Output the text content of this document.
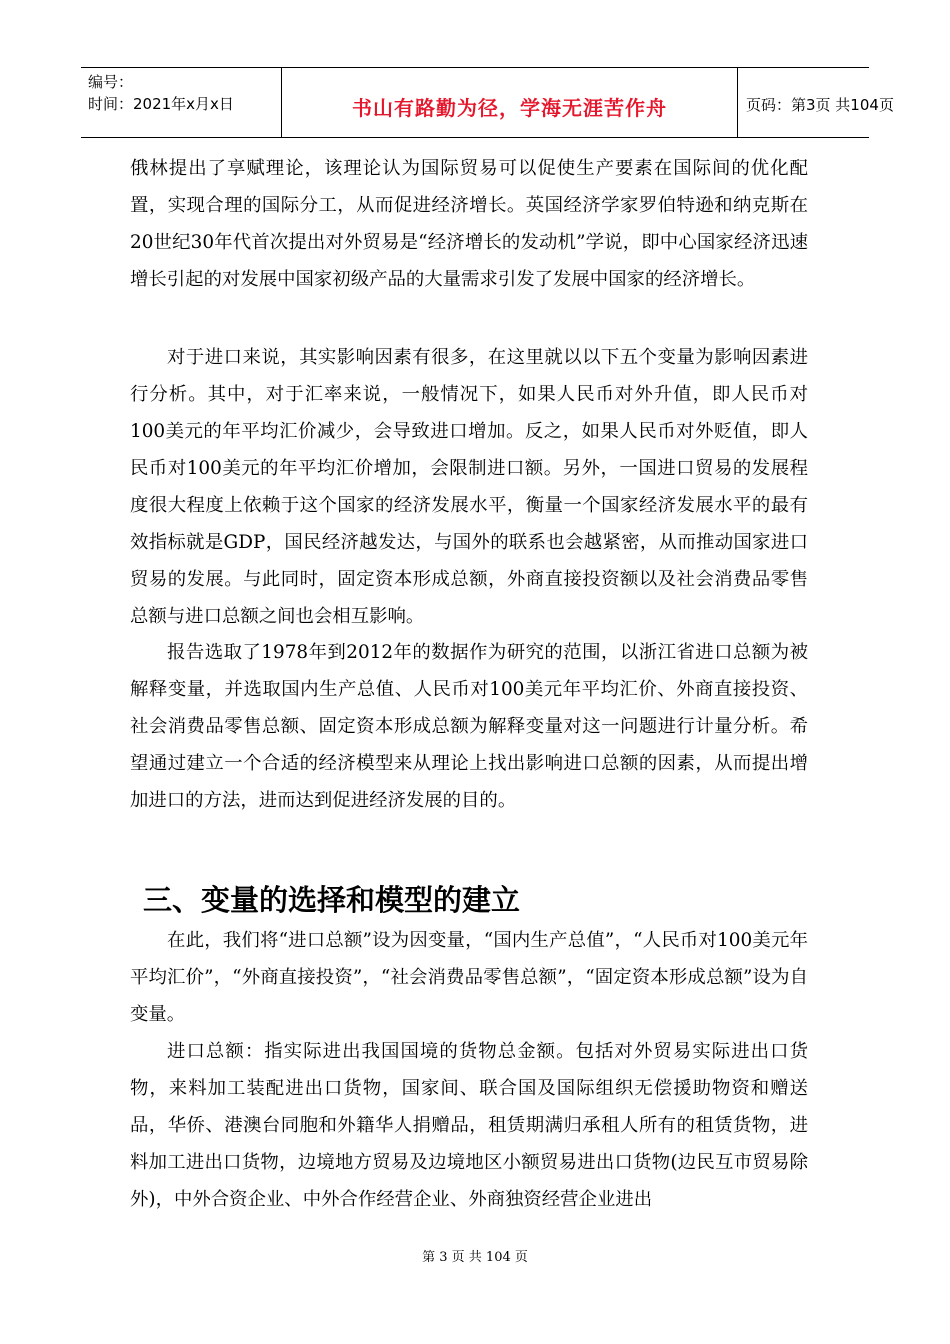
编号：
时间：2021年x月x日	书山有路勤为径，学海无涯苦作舟	页码：第3页 共104页

俄林提出了享赋理论，该理论认为国际贸易可以促使生产要素在国际间的优化配置，实现合理的国际分工，从而促进经济增长。英国经济学家罗伯特逊和纳克斯在20世纪30年代首次提出对外贸易是“经济增长的发动机”学说，即中心国家经济迅速增长引起的对发展中国家初级产品的大量需求引发了发展中国家的经济增长。

对于进口来说，其实影响因素有很多，在这里就以以下五个变量为影响因素进行分析。其中，对于汇率来说，一般情况下，如果人民币对外升值，即人民币对100美元的年平均汇价减少，会导致进口增加。反之，如果人民币对外贬值，即人民币对100美元的年平均汇价增加，会限制进口额。另外，一国进口贸易的发展程度很大程度上依赖于这个国家的经济发展水平，衡量一个国家经济发展水平的最有效指标就是GDP，国民经济越发达，与国外的联系也会越紧密，从而推动国家进口贸易的发展。与此同时，固定资本形成总额，外商直接投资额以及社会消费品零售总额与进口总额之间也会相互影响。

报告选取了1978年到2012年的数据作为研究的范围，以浙江省进口总额为被解释变量，并选取国内生产总值、人民币对100美元年平均汇价、外商直接投资、社会消费品零售总额、固定资本形成总额为解释变量对这一问题进行计量分析。希望通过建立一个合适的经济模型来从理论上找出影响进口总额的因素，从而提出增加进口的方法，进而达到促进经济发展的目的。

三、变量的选择和模型的建立

在此，我们将“进口总额”设为因变量，“国内生产总值”，“人民币对100美元年平均汇价”，“外商直接投资”，“社会消费品零售总额”，“固定资本形成总额”设为自变量。

进口总额：指实际进出我国国境的货物总金额。包括对外贸易实际进出口货物，来料加工装配进出口货物，国家间、联合国及国际组织无偿援助物资和赠送品，华侨、港澳台同胞和外籍华人捐赠品，租赁期满归承租人所有的租赁货物，进料加工进出口货物，边境地方贸易及边境地区小额贸易进出口货物(边民互市贸易除外)，中外合资企业、中外合作经营企业、外商独资经营企业进出

第 3 页 共 104 页
